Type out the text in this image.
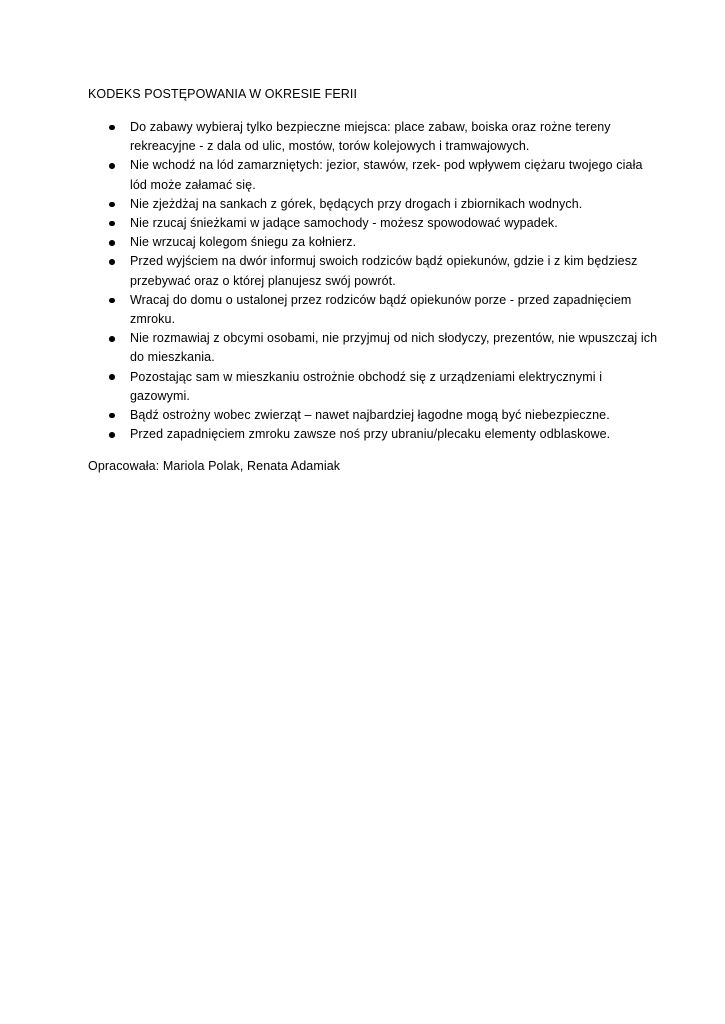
KODEKS POSTĘPOWANIA W OKRESIE FERII
Do zabawy wybieraj tylko bezpieczne miejsca: place zabaw, boiska oraz rożne tereny
rekreacyjne - z dala od ulic, mostów, torów kolejowych i tramwajowych.
Nie wchodź na lód zamarzniętych: jezior, stawów, rzek- pod wpływem ciężaru twojego ciała
lód może załamać się.
Nie zjeżdżaj na sankach z górek, będących przy drogach i zbiornikach wodnych.
Nie rzucaj śnieżkami w jadące samochody - możesz spowodować wypadek.
Nie wrzucaj kolegom śniegu za kołnierz.
Przed wyjściem na dwór informuj swoich rodziców bądź opiekunów, gdzie i z kim będziesz
przebywać oraz o której planujesz swój powrót.
Wracaj do domu o ustalonej przez rodziców bądź opiekunów porze - przed zapadnięciem
zmroku.
Nie rozmawiaj z obcymi osobami, nie przyjmuj od nich słodyczy, prezentów, nie wpuszczaj ich
do mieszkania.
Pozostając sam w mieszkaniu ostrożnie obchodź się z urządzeniami elektrycznymi i
gazowymi.
Bądź ostrożny wobec zwierząt – nawet najbardziej łagodne mogą być niebezpieczne.
Przed zapadnięciem zmroku zawsze noś przy ubraniu/plecaku elementy odblaskowe.
Opracowała: Mariola Polak, Renata Adamiak
